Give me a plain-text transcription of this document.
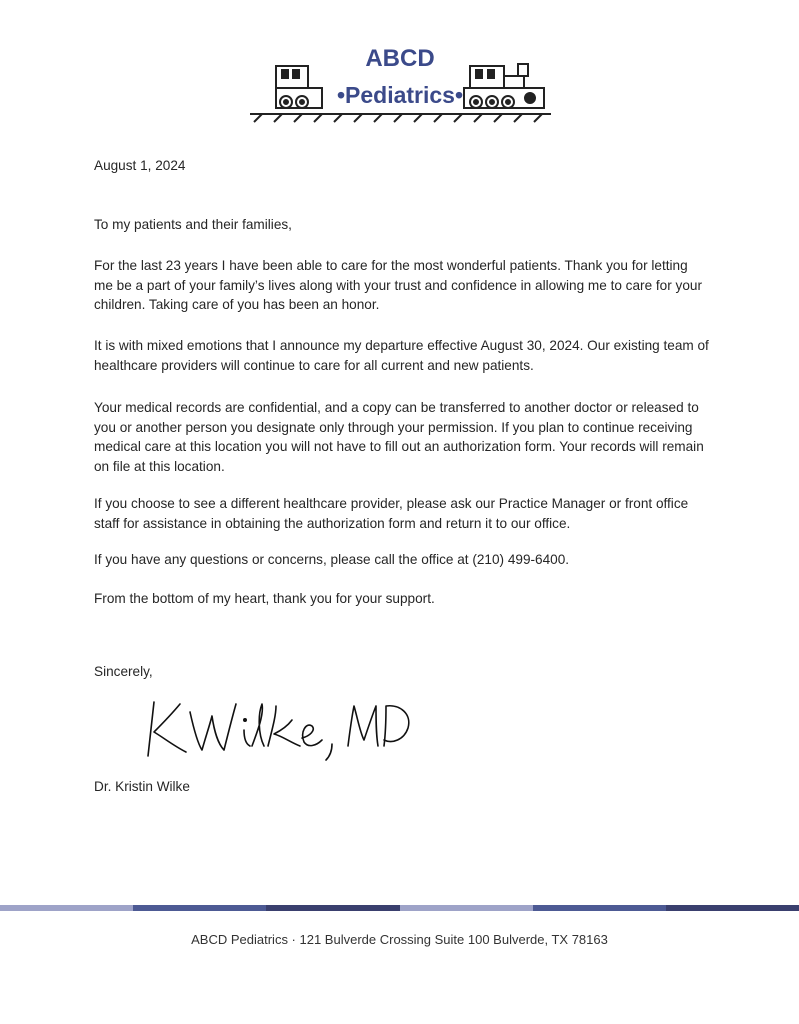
ABCD
•Pediatrics•
August 1, 2024
To my patients and their families,

For the last 23 years I have been able to care for the most wonderful patients. Thank you for letting me be a part of your family’s lives along with your trust and confidence in allowing me to care for your children. Taking care of you has been an honor.

It is with mixed emotions that I announce my departure effective August 30, 2024. Our existing team of healthcare providers will continue to care for all current and new patients.

Your medical records are confidential, and a copy can be transferred to another doctor or released to you or another person you designate only through your permission. If you plan to continue receiving medical care at this location you will not have to fill out an authorization form. Your records will remain on file at this location.

If you choose to see a different healthcare provider, please ask our Practice Manager or front office staff for assistance in obtaining the authorization form and return it to our office.

If you have any questions or concerns, please call the office at (210) 499-6400.

From the bottom of my heart, thank you for your support.

Sincerely,
Dr. Kristin Wilke
ABCD Pediatrics · 121 Bulverde Crossing Suite 100 Bulverde, TX 78163
